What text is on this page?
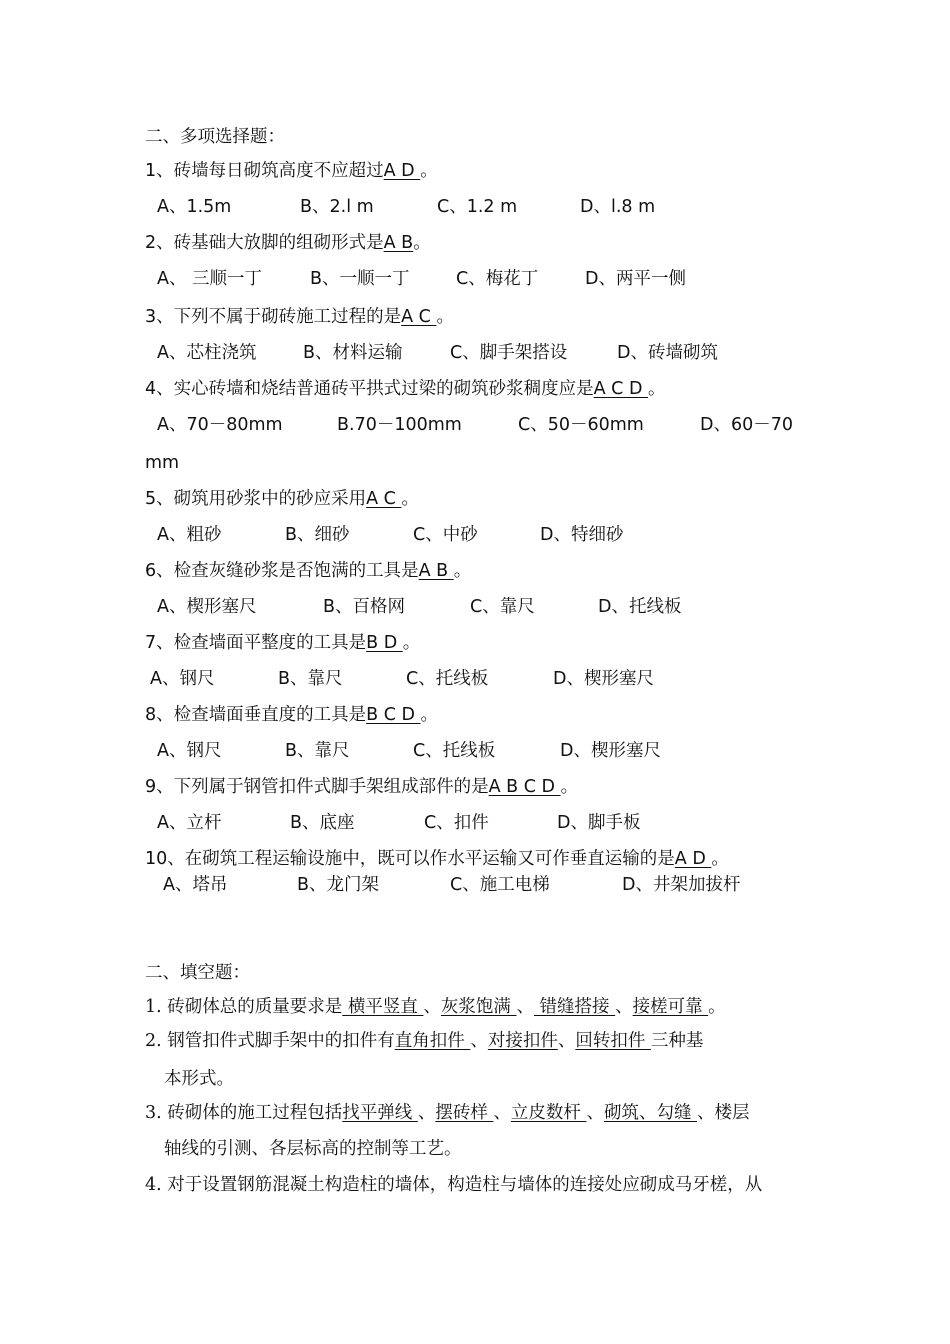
二、多项选择题：
1、砖墙每日砌筑高度不应超过A D 。
A、1.5m	B、2.l m	C、1.2 m	D、l.8 m
2、砖基础大放脚的组砌形式是A B。
A、 三顺一丁	B、一顺一丁	C、梅花丁	D、两平一侧
3、下列不属于砌砖施工过程的是A C 。
A、芯柱浇筑	B、材料运输	C、脚手架搭设	D、砖墙砌筑
4、实心砖墙和烧结普通砖平拱式过梁的砌筑砂浆稠度应是A C D 。
A、70－80mm	B.70－100mm	C、50－60mm	D、60－70
mm
5、砌筑用砂浆中的砂应采用A C 。
A、粗砂	B、细砂	C、中砂	D、特细砂
6、检查灰缝砂浆是否饱满的工具是A B 。
A、楔形塞尺	B、百格网	C、靠尺	D、托线板
7、检查墙面平整度的工具是B D 。
A、钢尺	B、靠尺	C、托线板	D、楔形塞尺
8、检查墙面垂直度的工具是B C D 。
A、钢尺	B、靠尺	C、托线板	D、楔形塞尺
9、下列属于钢管扣件式脚手架组成部件的是A B C D 。
A、立杆	B、底座	C、扣件	D、脚手板
10、在砌筑工程运输设施中，既可以作水平运输又可作垂直运输的是A D 。
A、塔吊	B、龙门架	C、施工电梯	D、井架加拔杆
二、填空题：
1. 砖砌体总的质量要求是 横平竖直 、灰浆饱满 、 错缝搭接 、接槎可靠 。
2. 钢管扣件式脚手架中的扣件有直角扣件 、对接扣件、回转扣件 三种基
本形式。
3. 砖砌体的施工过程包括找平弹线 、摆砖样 、立皮数杆 、砌筑、勾缝 、楼层
轴线的引测、各层标高的控制等工艺。
4. 对于设置钢筋混凝土构造柱的墙体，构造柱与墙体的连接处应砌成马牙槎，从
